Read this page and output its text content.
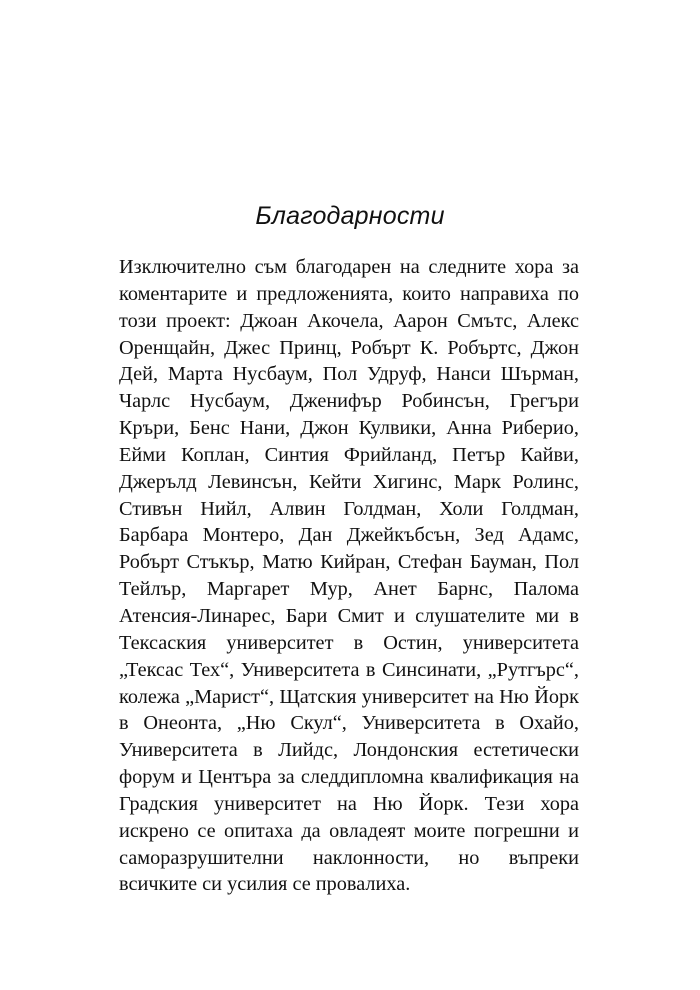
Благодарности

Изключително съм благодарен на следните хора за коментарите и предложенията, които направиха по този проект: Джоан Акочела, Аарон Смътс, Алекс Оренщайн, Джес Принц, Робърт К. Робъртс, Джон Дей, Марта Нусбаум, Пол Удруф, Нанси Шърман, Чарлс Нусбаум, Дженифър Робинсън, Грегъри Кръри, Бенс Нани, Джон Кулвики, Анна Риберио, Ейми Коплан, Синтия Фрийланд, Петър Кайви, Джерълд Левинсън, Кейти Хигинс, Марк Ролинс, Стивън Нийл, Алвин Голдман, Холи Голдман, Барбара Монтеро, Дан Джейкъбсън, Зед Адамс, Робърт Стъкър, Матю Кийран, Стефан Бауман, Пол Тейлър, Маргарет Мур, Анет Барнс, Палома Атенсия-Линарес, Бари Смит и слушателите ми в Тексаския университет в Остин, университета „Тексас Тех“, Университета в Синсинати, „Рутгърс“, колежа „Марист“, Щатския университет на Ню Йорк в Онеонта, „Ню Скул“, Университета в Охайо, Университета в Лийдс, Лондонския естетически форум и Центъра за следдипломна квалификация на Градския университет на Ню Йорк. Тези хора искрено се опитаха да овладеят моите погрешни и саморазрушителни наклонности, но въпреки всичките си усилия се провалиха.
